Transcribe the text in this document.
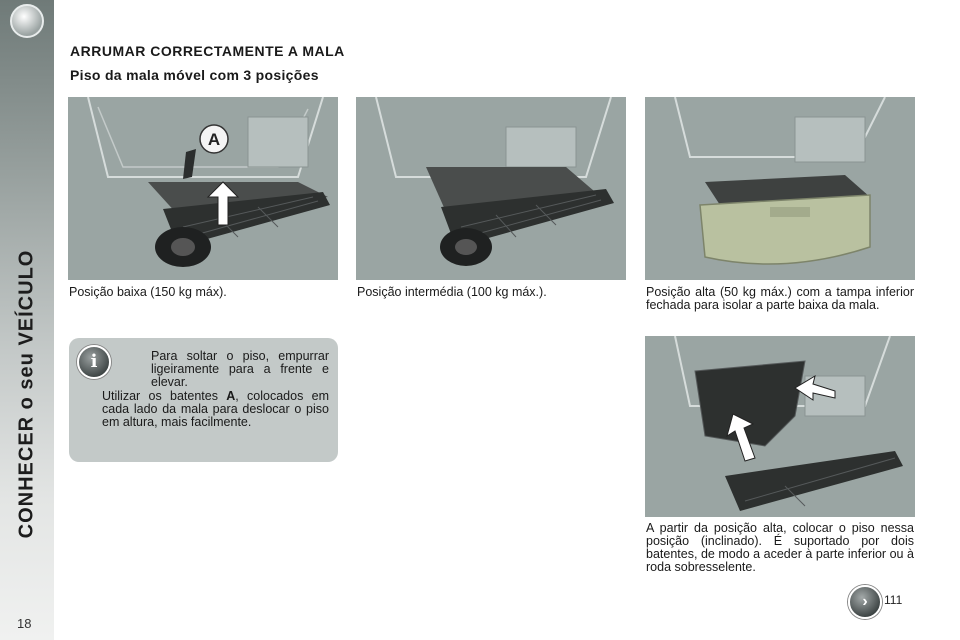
CONHECER o seu VEÍCULO
18
ARRUMAR CORRECTAMENTE A MALA
Piso da mala móvel com 3 posições
A
Posição baixa (150 kg máx).	Posição intermédia (100 kg máx.).	Posição alta (50 kg máx.) com a tampa inferior fechada para isolar a parte baixa da mala.
A partir da posição alta, colocar o piso nessa posição (inclinado). É suportado por dois batentes, de modo a aceder à parte inferior ou à roda sobresselente.
i	Para soltar o piso, empurrar ligeiramente para a frente e elevar.
Utilizar os batentes A, colocados em cada lado da mala para deslocar o piso em altura, mais facilmente.
›	111
